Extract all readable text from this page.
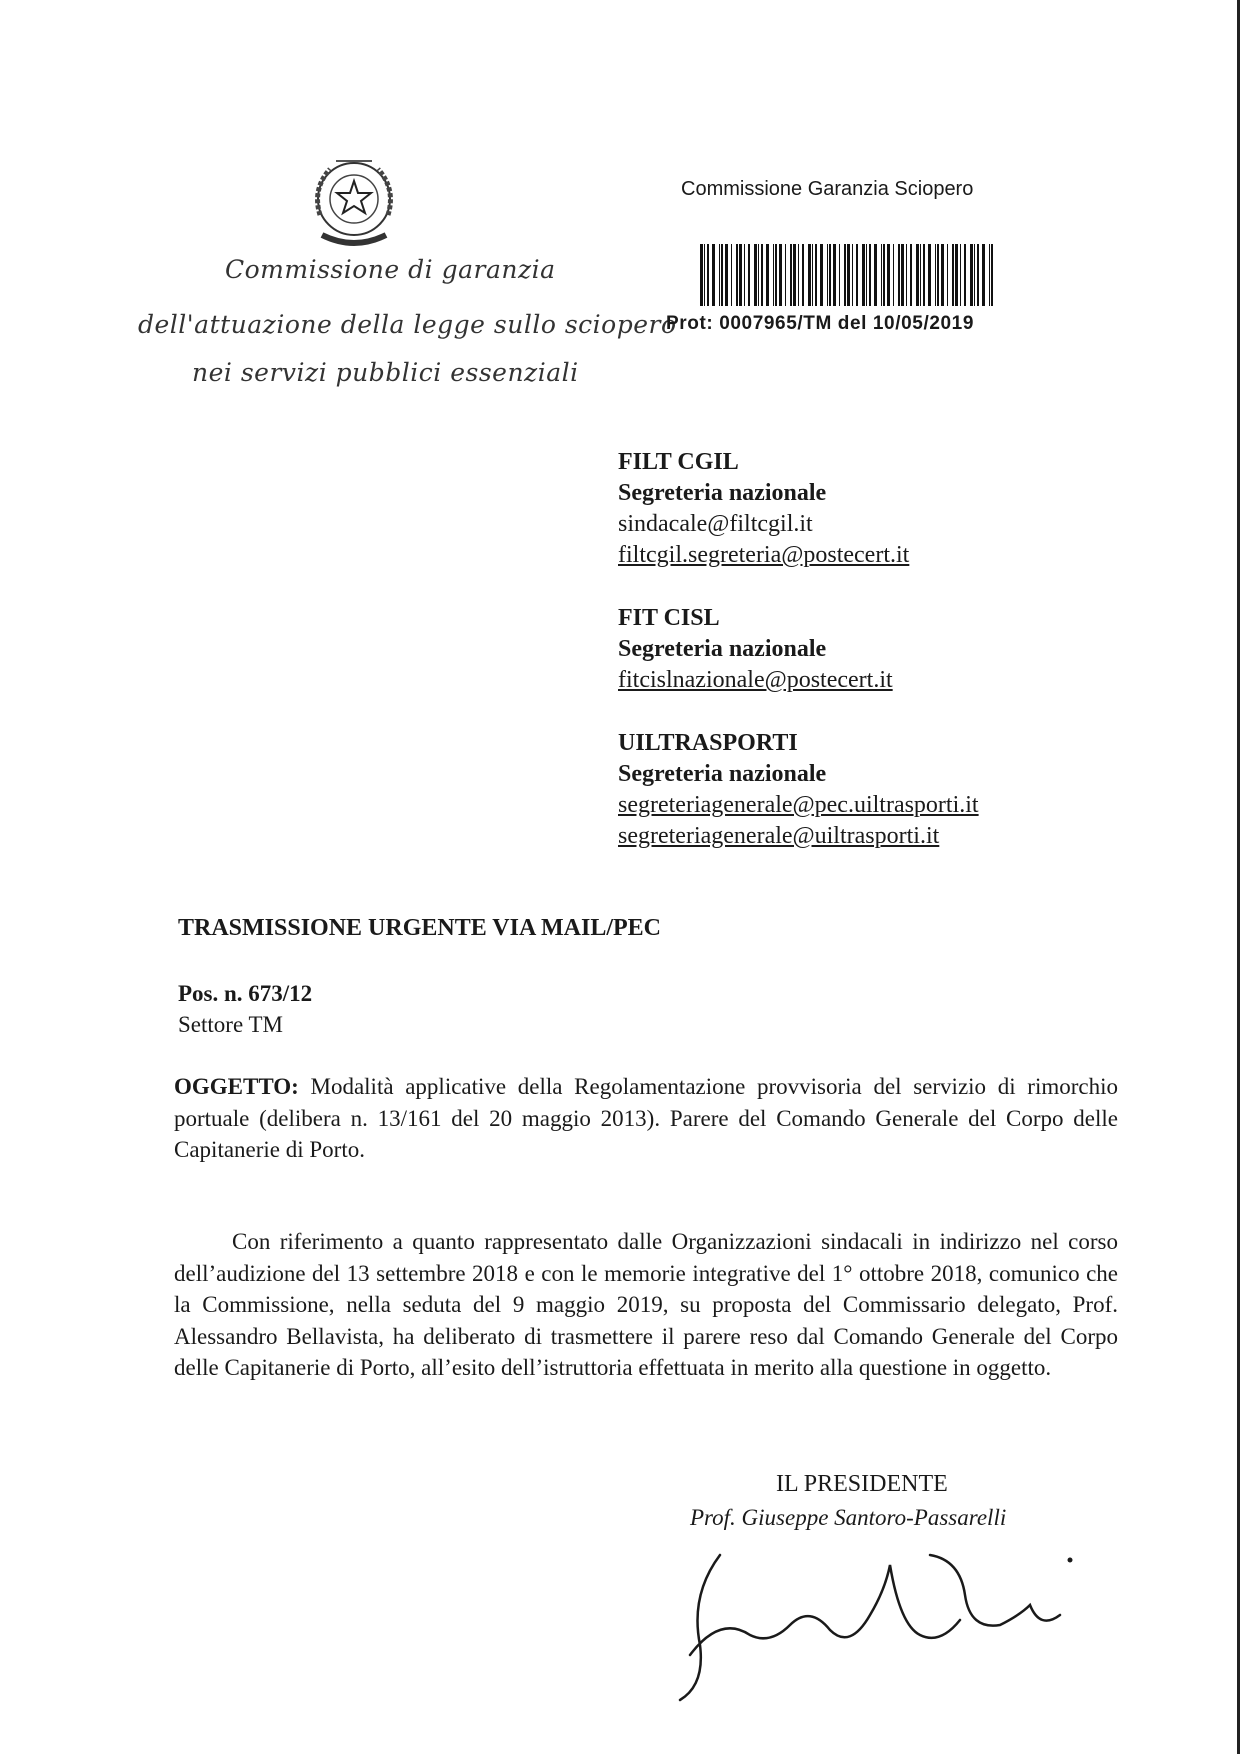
Commissione di garanzia
dell'attuazione della legge sullo sciopero
nei servizi pubblici essenziali
Commissione Garanzia Sciopero
Prot: 0007965/TM del 10/05/2019
FILT CGIL
Segreteria nazionale
sindacale@filtcgil.it
filtcgil.segreteria@postecert.it
FIT CISL
Segreteria nazionale
fitcislnazionale@postecert.it
UILTRASPORTI
Segreteria nazionale
segreteriagenerale@pec.uiltrasporti.it
segreteriagenerale@uiltrasporti.it
TRASMISSIONE URGENTE VIA MAIL/PEC
Pos. n. 673/12
Settore TM
OGGETTO: Modalità applicative della Regolamentazione provvisoria del servizio di rimorchio portuale (delibera n. 13/161 del 20 maggio 2013). Parere del Comando Generale del Corpo delle Capitanerie di Porto.
Con riferimento a quanto rappresentato dalle Organizzazioni sindacali in indirizzo nel corso dell’audizione del 13 settembre 2018 e con le memorie integrative del 1° ottobre 2018, comunico che la Commissione, nella seduta del 9 maggio 2019, su proposta del Commissario delegato, Prof. Alessandro Bellavista, ha deliberato di trasmettere il parere reso dal Comando Generale del Corpo delle Capitanerie di Porto, all’esito dell’istruttoria effettuata in merito alla questione in oggetto.
IL PRESIDENTE
Prof. Giuseppe Santoro-Passarelli
